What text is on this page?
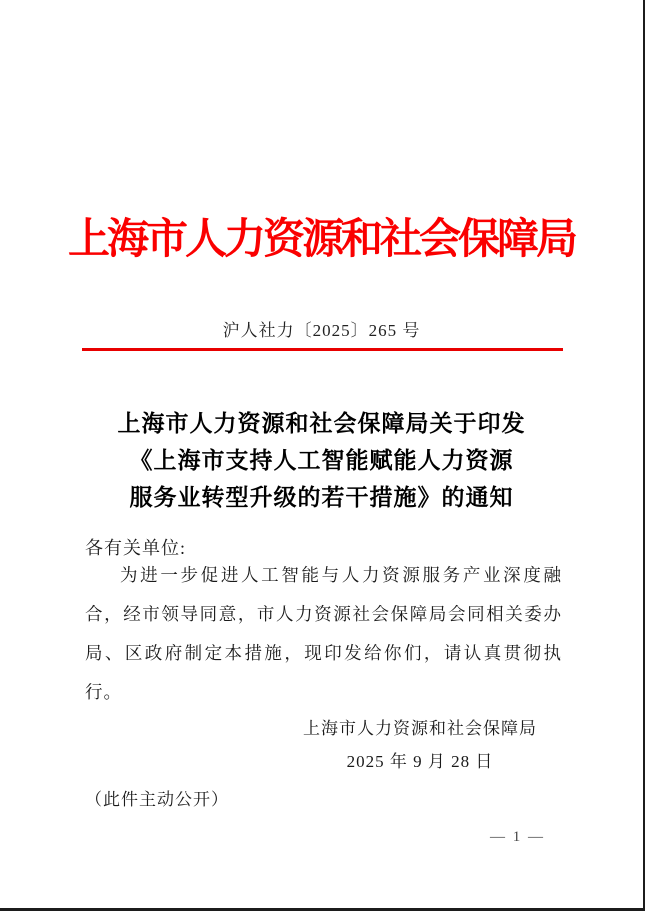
上海市人力资源和社会保障局
沪人社力〔2025〕265 号
上海市人力资源和社会保障局关于印发
《上海市支持人工智能赋能人力资源
服务业转型升级的若干措施》的通知
各有关单位:
为进一步促进人工智能与人力资源服务产业深度融合，经市领导同意，市人力资源社会保障局会同相关委办局、区政府制定本措施，现印发给你们，请认真贯彻执行。
上海市人力资源和社会保障局
2025 年 9 月 28 日
（此件主动公开）
— 1 —
